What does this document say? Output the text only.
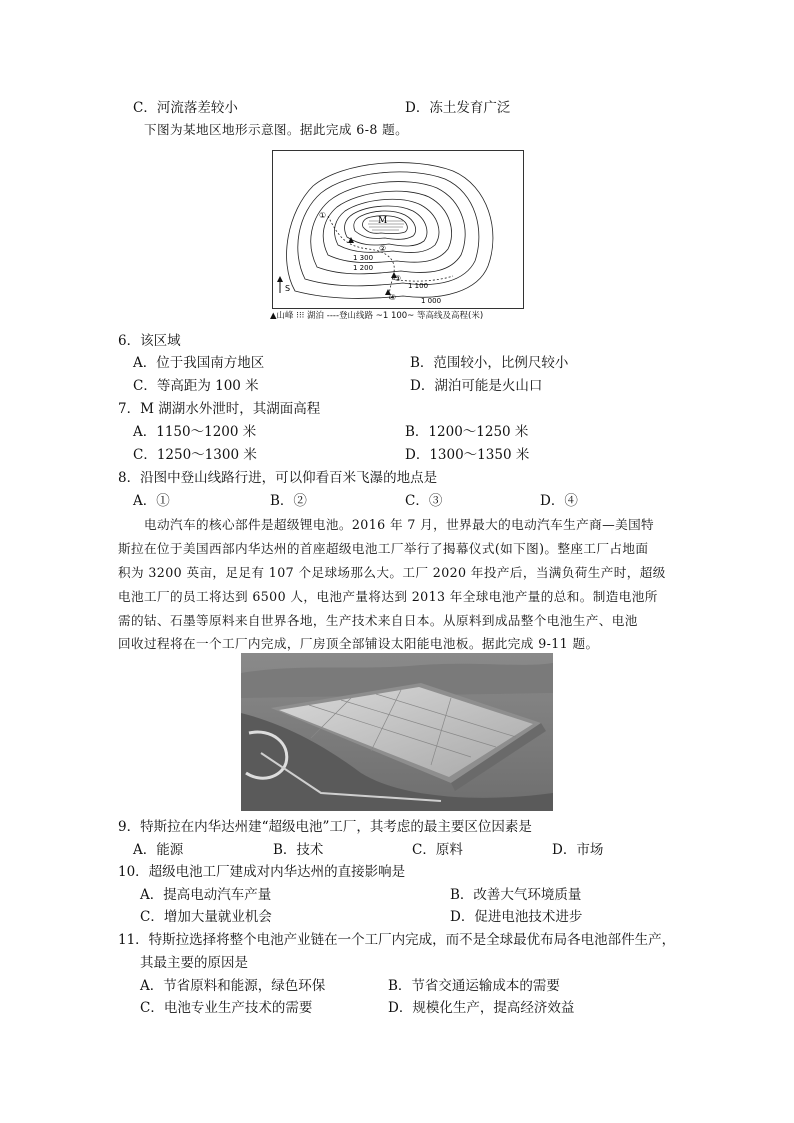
C．河流落差较小	D．冻土发育广泛
下图为某地区地形示意图。据此完成 6-8 题。
M
①
②
③
④
1 300
1 200
1 100
1 000
S
▲山峰 ⁝⁝⁝ 湖泊 ----登山线路 ~1 100~ 等高线及高程(米)
6．该区域
A．位于我国南方地区	B．范围较小，比例尺较小
C．等高距为 100 米	D．湖泊可能是火山口
7．M 湖湖水外泄时，其湖面高程
A．1150～1200 米	B．1200～1250 米
C．1250～1300 米	D．1300～1350 米
8．沿图中登山线路行进，可以仰看百米飞瀑的地点是
A．①	B．②	C．③	D．④
电动汽车的核心部件是超级锂电池。2016 年 7 月，世界最大的电动汽车生产商—美国特
斯拉在位于美国西部内华达州的首座超级电池工厂举行了揭幕仪式(如下图)。整座工厂占地面
积为 3200 英亩，足足有 107 个足球场那么大。工厂 2020 年投产后，当满负荷生产时，超级
电池工厂的员工将达到 6500 人，电池产量将达到 2013 年全球电池产量的总和。制造电池所
需的钴、石墨等原料来自世界各地，生产技术来自日本。从原料到成品整个电池生产、电池
回收过程将在一个工厂内完成，厂房顶全部铺设太阳能电池板。据此完成 9-11 题。
9．特斯拉在内华达州建“超级电池”工厂，其考虑的最主要区位因素是
A．能源	B．技术	C．原料	D．市场
10．超级电池工厂建成对内华达州的直接影响是
A．提高电动汽车产量	B．改善大气环境质量
C．增加大量就业机会	D．促进电池技术进步
11．特斯拉选择将整个电池产业链在一个工厂内完成，而不是全球最优布局各电池部件生产，
其最主要的原因是
A．节省原料和能源，绿色环保	B．节省交通运输成本的需要
C．电池专业生产技术的需要	D．规模化生产，提高经济效益
